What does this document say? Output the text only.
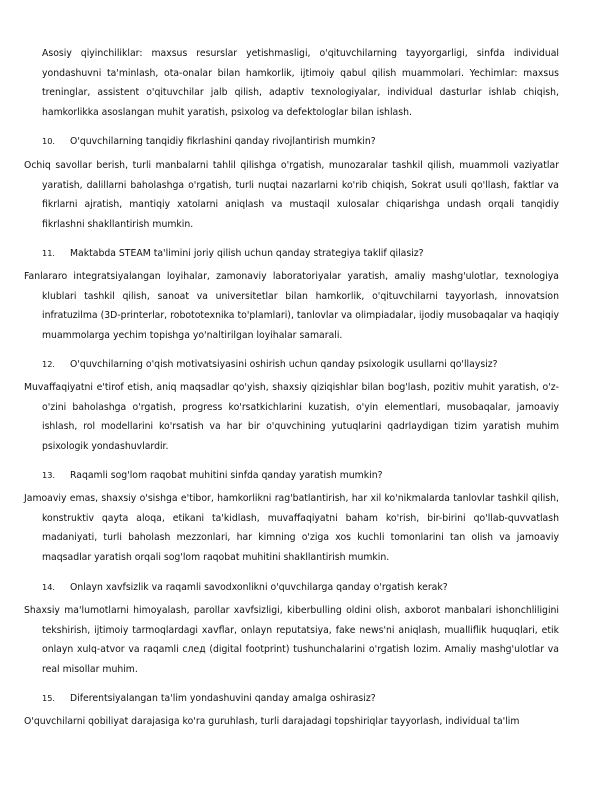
Asosiy qiyinchiliklar: maxsus resurslar yetishmasligi, o'qituvchilarning tayyorgarligi, sinfda individual yondashuvni ta'minlash, ota-onalar bilan hamkorlik, ijtimoiy qabul qilish muammolari. Yechimlar: maxsus treninglar, assistent o'qituvchilar jalb qilish, adaptiv texnologiyalar, individual dasturlar ishlab chiqish, hamkorlikka asoslangan muhit yaratish, psixolog va defektologlar bilan ishlash.

10. O'quvchilarning tanqidiy fikrlashini qanday rivojlantirish mumkin?

Ochiq savollar berish, turli manbalarni tahlil qilishga o'rgatish, munozaralar tashkil qilish, muammoli vaziyatlar yaratish, dalillarni baholashga o'rgatish, turli nuqtai nazarlarni ko'rib chiqish, Sokrat usuli qo'llash, faktlar va fikrlarni ajratish, mantiqiy xatolarni aniqlash va mustaqil xulosalar chiqarishga undash orqali tanqidiy fikrlashni shakllantirish mumkin.

11. Maktabda STEAM ta'limini joriy qilish uchun qanday strategiya taklif qilasiz?

Fanlararo integratsiyalangan loyihalar, zamonaviy laboratoriyalar yaratish, amaliy mashg'ulotlar, texnologiya klublari tashkil qilish, sanoat va universitetlar bilan hamkorlik, o'qituvchilarni tayyorlash, innovatsion infratuzilma (3D-printerlar, robototexnika to'plamlari), tanlovlar va olimpiadalar, ijodiy musobaqalar va haqiqiy muammolarga yechim topishga yo'naltirilgan loyihalar samarali.

12. O'quvchilarning o'qish motivatsiyasini oshirish uchun qanday psixologik usullarni qo'llaysiz?

Muvaffaqiyatni e'tirof etish, aniq maqsadlar qo'yish, shaxsiy qiziqishlar bilan bog'lash, pozitiv muhit yaratish, o'z-o'zini baholashga o'rgatish, progress ko'rsatkichlarini kuzatish, o'yin elementlari, musobaqalar, jamoaviy ishlash, rol modellarini ko'rsatish va har bir o'quvchining yutuqlarini qadrlaydigan tizim yaratish muhim psixologik yondashuvlardir.

13. Raqamli sog'lom raqobat muhitini sinfda qanday yaratish mumkin?

Jamoaviy emas, shaxsiy o'sishga e'tibor, hamkorlikni rag'batlantirish, har xil ko'nikmalarda tanlovlar tashkil qilish, konstruktiv qayta aloqa, etikani ta'kidlash, muvaffaqiyatni baham ko'rish, bir-birini qo'llab-quvvatlash madaniyati, turli baholash mezzonlari, har kimning o'ziga xos kuchli tomonlarini tan olish va jamoaviy maqsadlar yaratish orqali sog'lom raqobat muhitini shakllantirish mumkin.

14. Onlayn xavfsizlik va raqamli savodxonlikni o'quvchilarga qanday o'rgatish kerak?

Shaxsiy ma'lumotlarni himoyalash, parollar xavfsizligi, kiberbulling oldini olish, axborot manbalari ishonchliligini tekshirish, ijtimoiy tarmoqlardagi xavflar, onlayn reputatsiya, fake news'ni aniqlash, mualliflik huquqlari, etik onlayn xulq-atvor va raqamli след (digital footprint) tushunchalarini o'rgatish lozim. Amaliy mashg'ulotlar va real misollar muhim.

15. Diferentsiyalangan ta'lim yondashuvini qanday amalga oshirasiz?

O'quvchilarni qobiliyat darajasiga ko'ra guruhlash, turli darajadagi topshiriqlar tayyorlash, individual ta'lim
